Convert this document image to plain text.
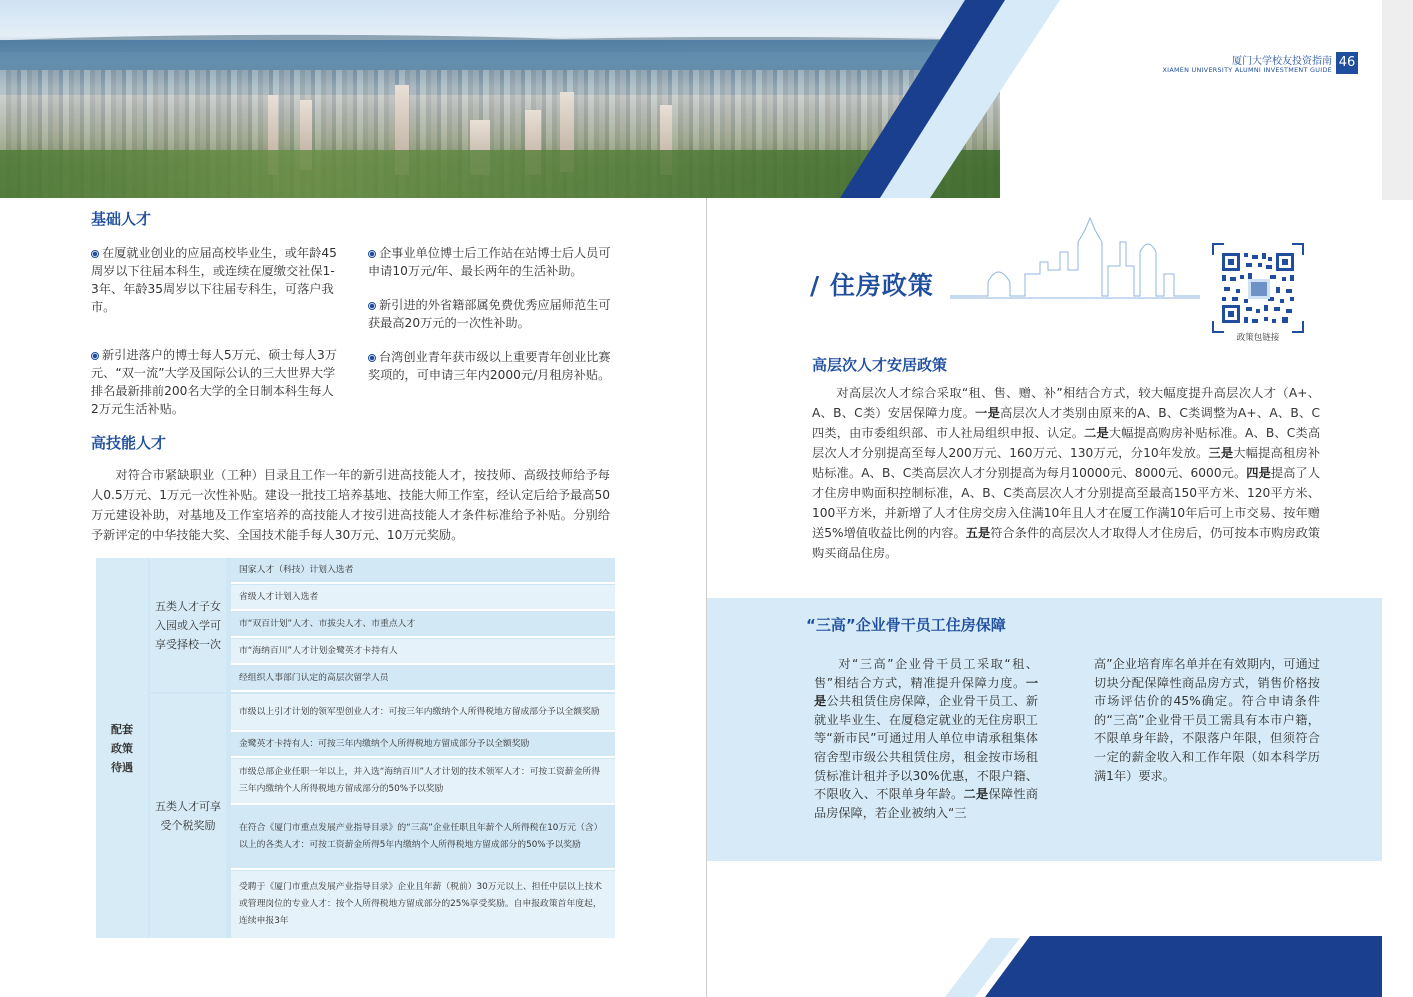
厦门大学校友投资指南
XIAMEN UNIVERSITY ALUMNI INVESTMENT GUIDE 46
基础人才
在厦就业创业的应届高校毕业生，或年龄45周岁以下往届本科生，或连续在厦缴交社保1-3年、年龄35周岁以下往届专科生，可落户我市。
新引进落户的博士每人5万元、硕士每人3万元、“双一流”大学及国际公认的三大世界大学排名最新排前200名大学的全日制本科生每人2万元生活补贴。
企事业单位博士后工作站在站博士后人员可申请10万元/年、最长两年的生活补助。
新引进的外省籍部属免费优秀应届师范生可获最高20万元的一次性补助。
台湾创业青年获市级以上重要青年创业比赛奖项的，可申请三年内2000元/月租房补贴。
高技能人才
对符合市紧缺职业（工种）目录且工作一年的新引进高技能人才，按技师、高级技师给予每人0.5万元、1万元一次性补贴。建设一批技工培养基地、技能大师工作室，经认定后给予最高50万元建设补助，对基地及工作室培养的高技能人才按引进高技能人才条件标准给予补贴。分别给予新评定的中华技能大奖、全国技术能手每人30万元、10万元奖励。
配套政策待遇
五类人才子女入园或入学可享受择校一次
五类人才可享受个税奖励
国家人才（科技）计划入选者
省级人才计划入选者
市“双百计划”人才、市拔尖人才、市重点人才
市“海纳百川”人才计划金鹭英才卡持有人
经组织人事部门认定的高层次留学人员
市级以上引才计划的领军型创业人才：可按三年内缴纳个人所得税地方留成部分予以全额奖励
金鹭英才卡持有人：可按三年内缴纳个人所得税地方留成部分予以全额奖励
市级总部企业任职一年以上，并入选“海纳百川”人才计划的技术领军人才：可按工资薪金所得三年内缴纳个人所得税地方留成部分的50%予以奖励
在符合《厦门市重点发展产业指导目录》的“三高”企业任职且年薪个人所得税在10万元（含）以上的各类人才：可按工资薪金所得5年内缴纳个人所得税地方留成部分的50%予以奖励
受聘于《厦门市重点发展产业指导目录》企业且年薪（税前）30万元以上、担任中层以上技术或管理岗位的专业人才：按个人所得税地方留成部分的25%享受奖励。自申报政策首年度起，连续申报3年
/ 住房政策
政策包链接
高层次人才安居政策
对高层次人才综合采取“租、售、赠、补”相结合方式，较大幅度提升高层次人才（A+、A、B、C类）安居保障力度。一是高层次人才类别由原来的A、B、C类调整为A+、A、B、C四类，由市委组织部、市人社局组织申报、认定。二是大幅提高购房补贴标准。A、B、C类高层次人才分别提高至每人200万元、160万元、130万元，分10年发放。三是大幅提高租房补贴标准。A、B、C类高层次人才分别提高为每月10000元、8000元、6000元。四是提高了人才住房申购面积控制标准，A、B、C类高层次人才分别提高至最高150平方米、120平方米、100平方米，并新增了人才住房交房入住满10年且人才在厦工作满10年后可上市交易、按年赠送5%增值收益比例的内容。五是符合条件的高层次人才取得人才住房后，仍可按本市购房政策购买商品住房。
“三高”企业骨干员工住房保障
对“三高”企业骨干员工采取“租、售”相结合方式，精准提升保障力度。一是公共租赁住房保障，企业骨干员工、新就业毕业生、在厦稳定就业的无住房职工等“新市民”可通过用人单位申请承租集体宿舍型市级公共租赁住房，租金按市场租赁标准计租并予以30%优惠，不限户籍、不限收入、不限单身年龄。二是保障性商品房保障，若企业被纳入“三
高”企业培育库名单并在有效期内，可通过切块分配保障性商品房方式，销售价格按市场评估价的45%确定。符合申请条件的“三高”企业骨干员工需具有本市户籍，不限单身年龄，不限落户年限，但须符合一定的薪金收入和工作年限（如本科学历满1年）要求。
